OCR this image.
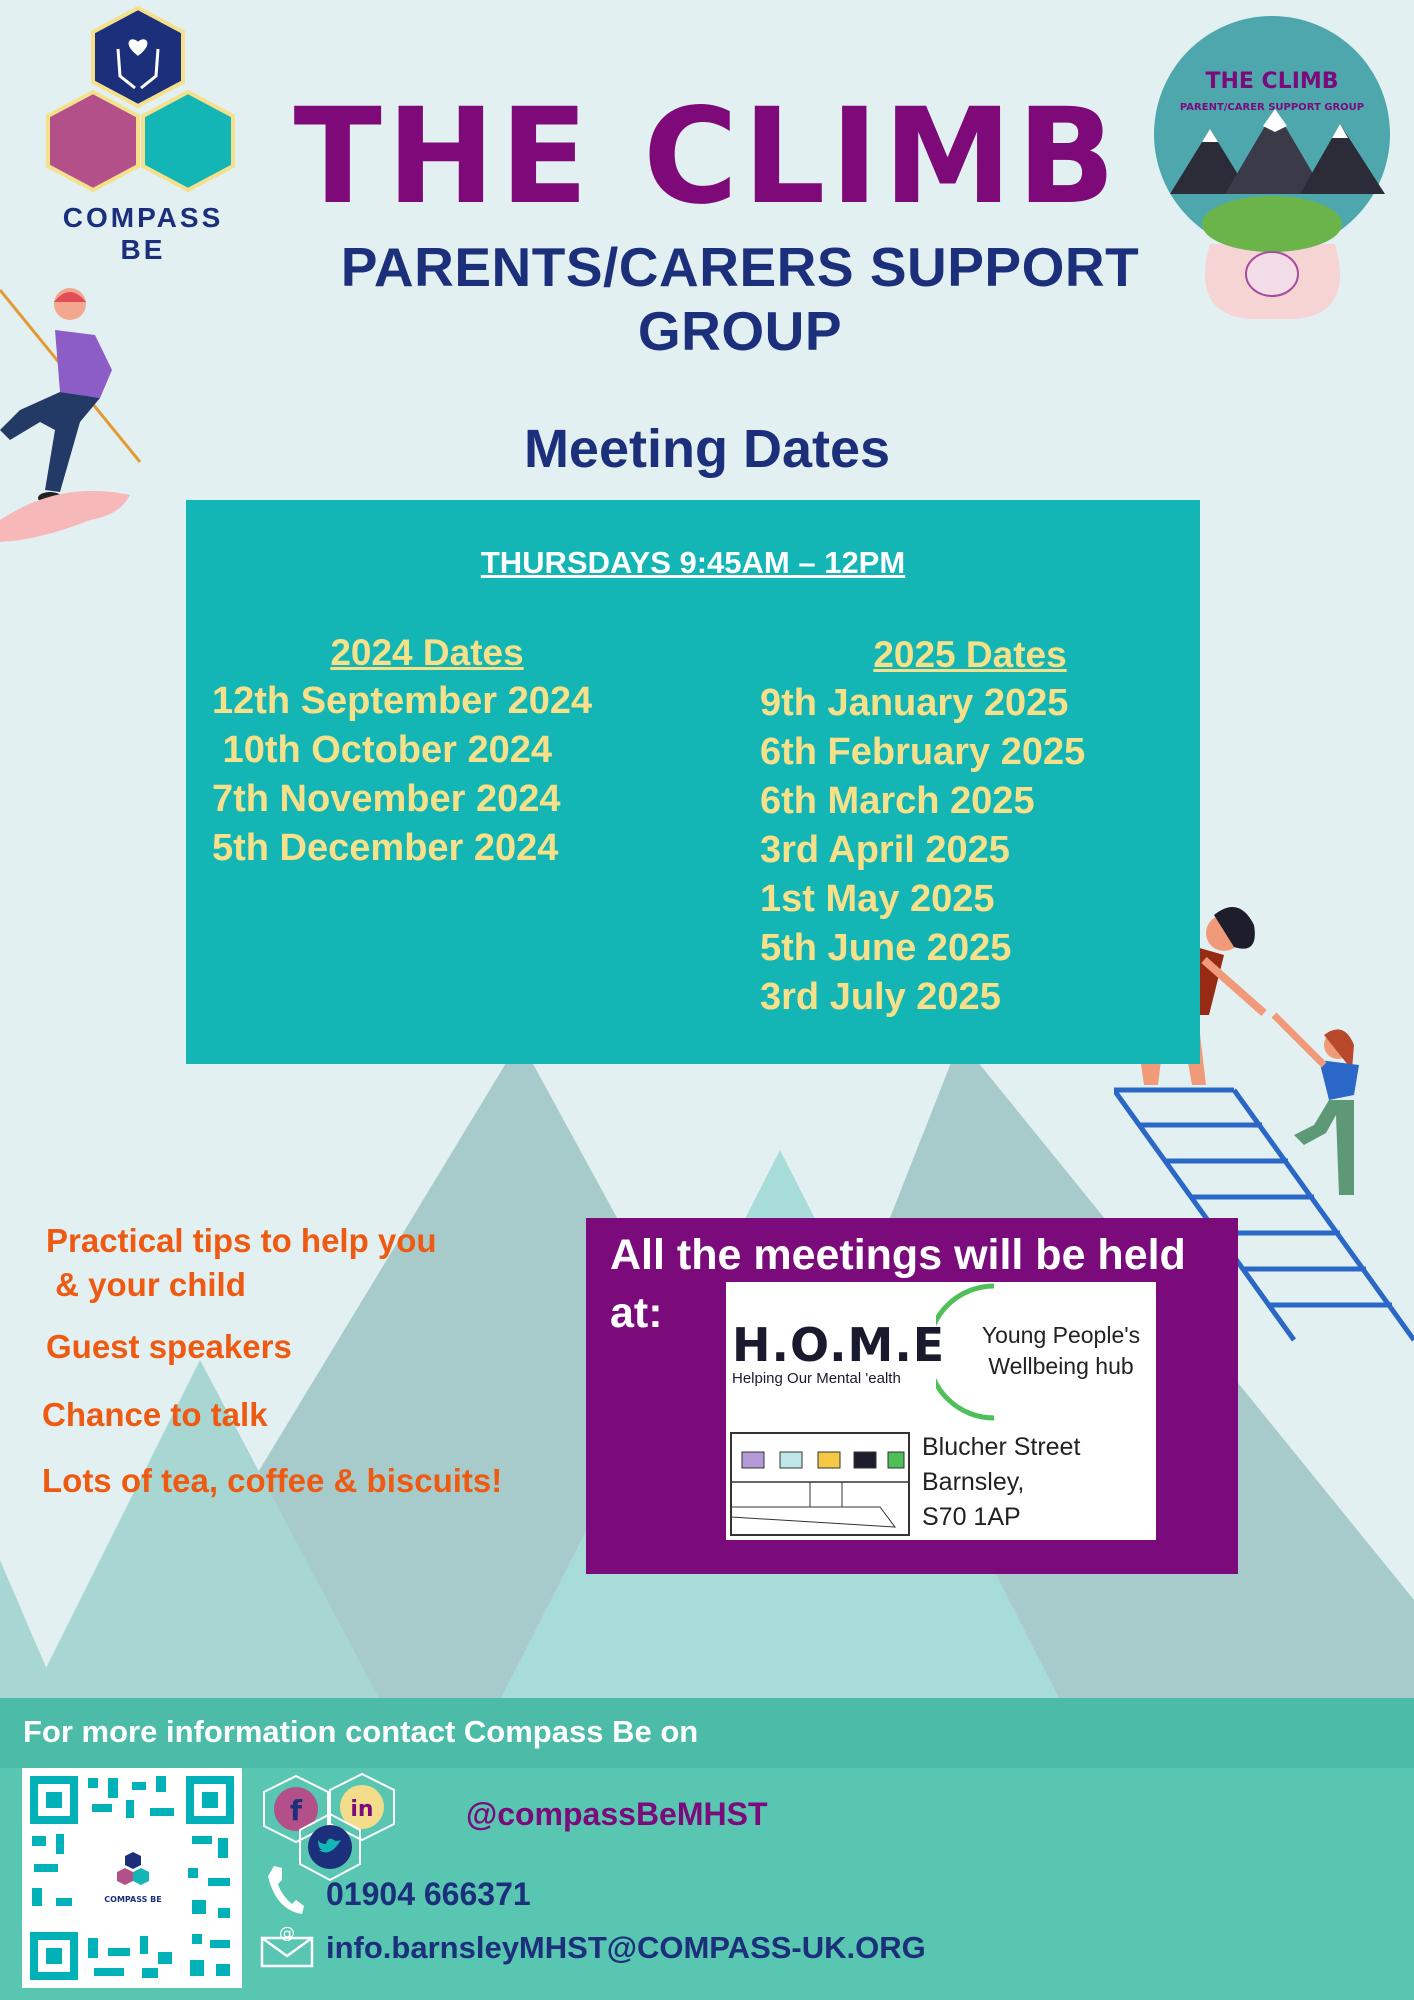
COMPASS BE
THE CLIMB
PARENT/CARER SUPPORT GROUP
THE CLIMB
PARENTS/CARERS SUPPORT GROUP
Meeting Dates
THURSDAYS 9:45AM – 12PM
2024 Dates
12th September 2024
10th October 2024
7th November 2024
5th December 2024
2025 Dates
9th January 2025
6th February 2025
6th March 2025
3rd April 2025
1st May 2025
5th June 2025
3rd July 2025
Practical tips to help you
& your child
Guest speakers
Chance to talk
Lots of tea, coffee & biscuits!
All the meetings will be held
at:
H.O.M.E
Helping Our Mental 'ealth
Young People's
Wellbeing hub
Blucher Street
Barnsley,
S70 1AP
For more information contact Compass Be on
COMPASS BE
f in	@compassBeMHST
01904 666371
@ info.barnsleyMHST@COMPASS-UK.ORG
